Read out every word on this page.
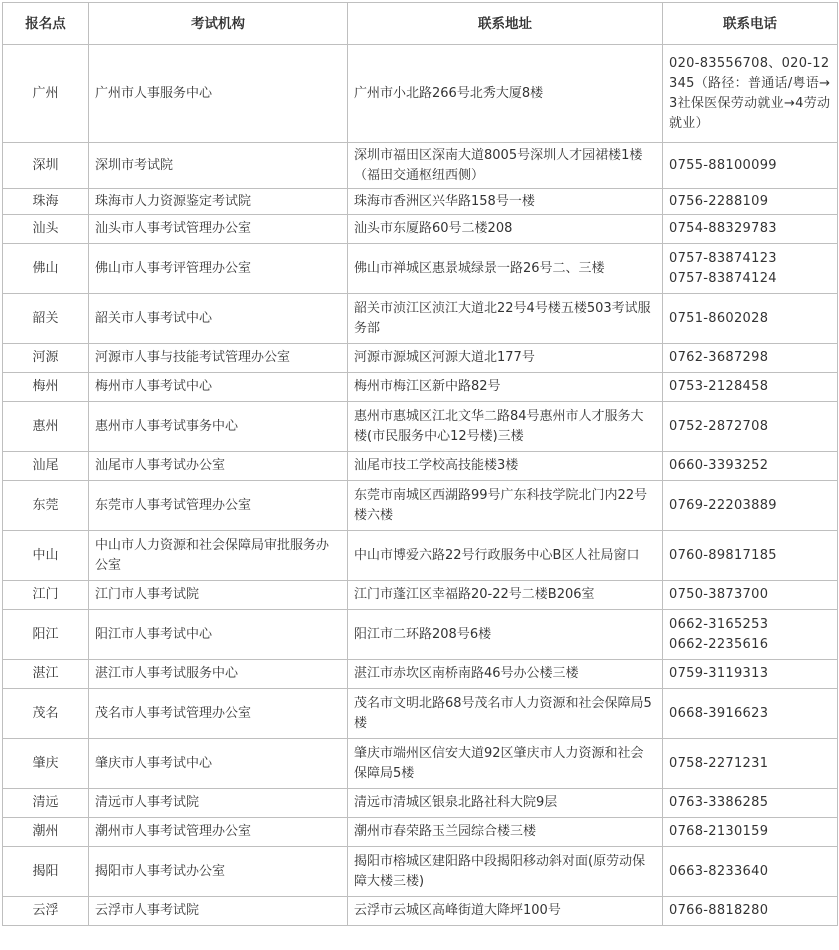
报名点	考试机构	联系地址	联系电话
广州	广州市人事服务中心	广州市小北路266号北秀大厦8楼	020-83556708、020-12345（路径：普通话/粤语→3社保医保劳动就业→4劳动就业）

深圳	深圳市考试院	深圳市福田区深南大道8005号深圳人才园裙楼1楼（福田交通枢纽西侧）	0755-88100099

珠海	珠海市人力资源鉴定考试院	珠海市香洲区兴华路158号一楼	0756-2288109

汕头	汕头市人事考试管理办公室	汕头市东厦路60号二楼208	0754-88329783

佛山	佛山市人事考评管理办公室	佛山市禅城区惠景城绿景一路26号二、三楼	0757-83874123
0757-83874124

韶关	韶关市人事考试中心	韶关市浈江区浈江大道北22号4号楼五楼503考试服务部	0751-8602028

河源	河源市人事与技能考试管理办公室	河源市源城区河源大道北177号	0762-3687298

梅州	梅州市人事考试中心	梅州市梅江区新中路82号	0753-2128458

惠州	惠州市人事考试事务中心	惠州市惠城区江北文华二路84号惠州市人才服务大楼(市民服务中心12号楼)三楼	0752-2872708

汕尾	汕尾市人事考试办公室	汕尾市技工学校高技能楼3楼	0660-3393252

东莞	东莞市人事考试管理办公室	东莞市南城区西湖路99号广东科技学院北门内22号楼六楼	0769-22203889

中山	中山市人力资源和社会保障局审批服务办公室	中山市博爱六路22号行政服务中心B区人社局窗口	0760-89817185

江门	江门市人事考试院	江门市蓬江区幸福路20-22号二楼B206室	0750-3873700

阳江	阳江市人事考试中心	阳江市二环路208号6楼	0662-3165253
0662-2235616

湛江	湛江市人事考试服务中心	湛江市赤坎区南桥南路46号办公楼三楼	0759-3119313

茂名	茂名市人事考试管理办公室	茂名市文明北路68号茂名市人力资源和社会保障局5楼	0668-3916623

肇庆	肇庆市人事考试中心	肇庆市端州区信安大道92区肇庆市人力资源和社会保障局5楼	0758-2271231

清远	清远市人事考试院	清远市清城区银泉北路社科大院9层	0763-3386285

潮州	潮州市人事考试管理办公室	潮州市春荣路玉兰园综合楼三楼	0768-2130159

揭阳	揭阳市人事考试办公室	揭阳市榕城区建阳路中段揭阳移动斜对面(原劳动保障大楼三楼)	0663-8233640

云浮	云浮市人事考试院	云浮市云城区高峰街道大降坪100号	0766-8818280
